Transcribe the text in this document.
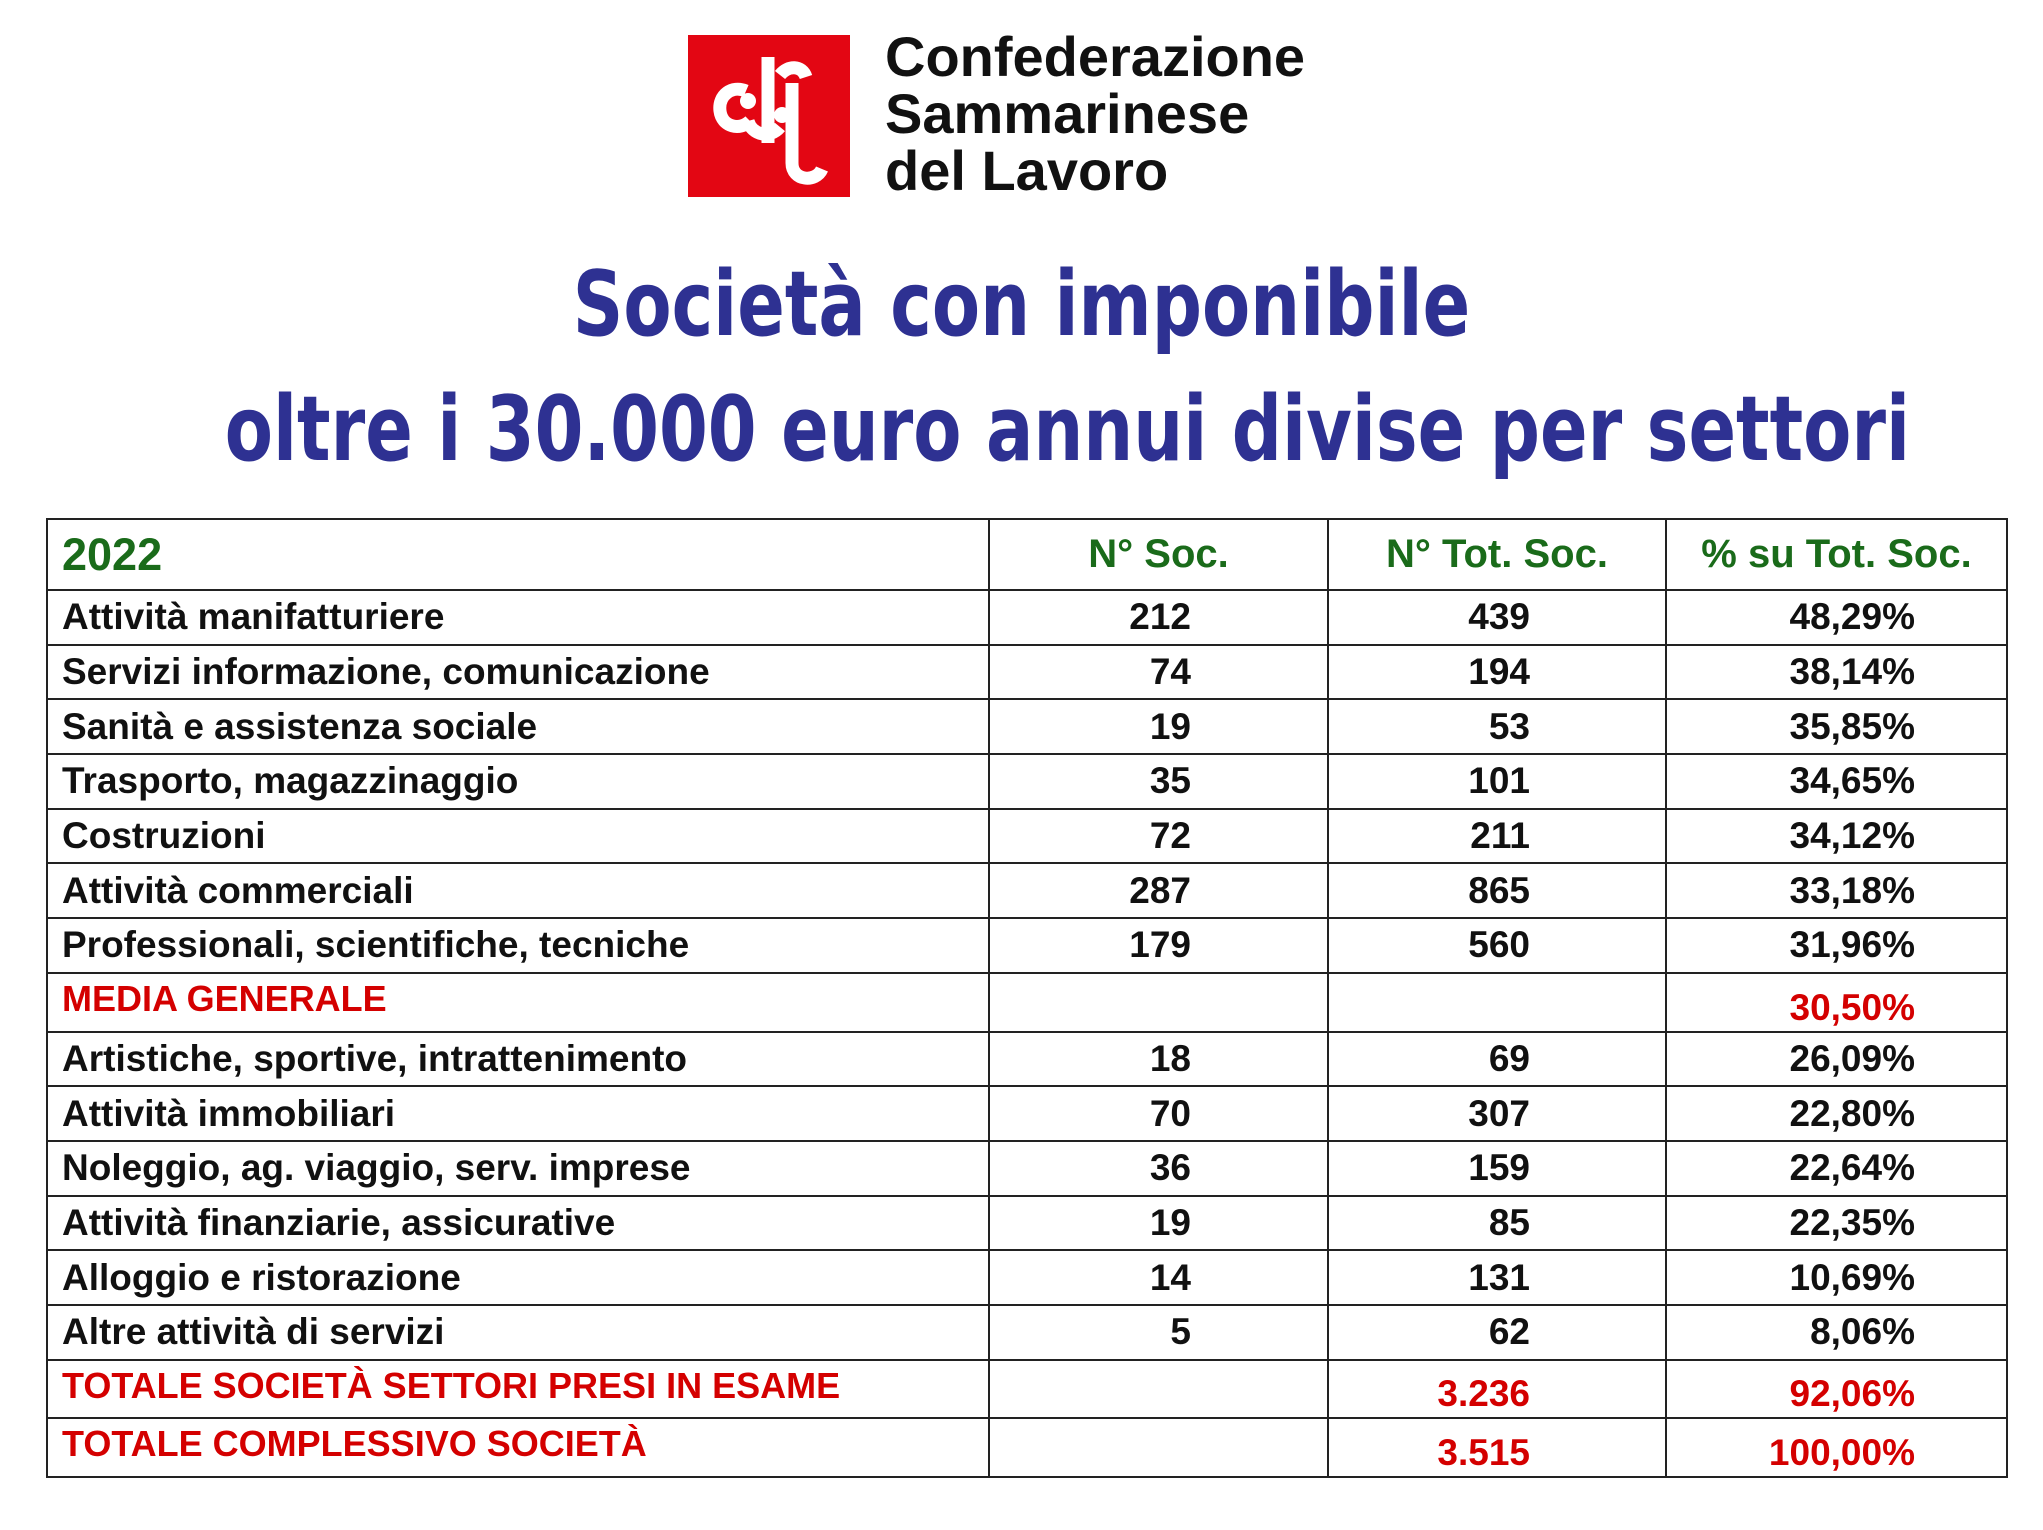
Confederazione
Sammarinese
del Lavoro
Società con imponibile
oltre i 30.000 euro annui divise per settori
2022	N° Soc.	N° Tot. Soc.	% su Tot. Soc.
Attività manifatturiere	212	439	48,29%
Servizi informazione, comunicazione	74	194	38,14%
Sanità e assistenza sociale	19	53	35,85%
Trasporto, magazzinaggio	35	101	34,65%
Costruzioni	72	211	34,12%
Attività commerciali	287	865	33,18%
Professionali, scientifiche, tecniche	179	560	31,96%
MEDIA GENERALE			30,50%
Artistiche, sportive, intrattenimento	18	69	26,09%
Attività immobiliari	70	307	22,80%
Noleggio, ag. viaggio, serv. imprese	36	159	22,64%
Attività finanziarie, assicurative	19	85	22,35%
Alloggio e ristorazione	14	131	10,69%
Altre attività di servizi	5	62	8,06%
TOTALE SOCIETÀ SETTORI PRESI IN ESAME		3.236	92,06%
TOTALE COMPLESSIVO SOCIETÀ		3.515	100,00%
